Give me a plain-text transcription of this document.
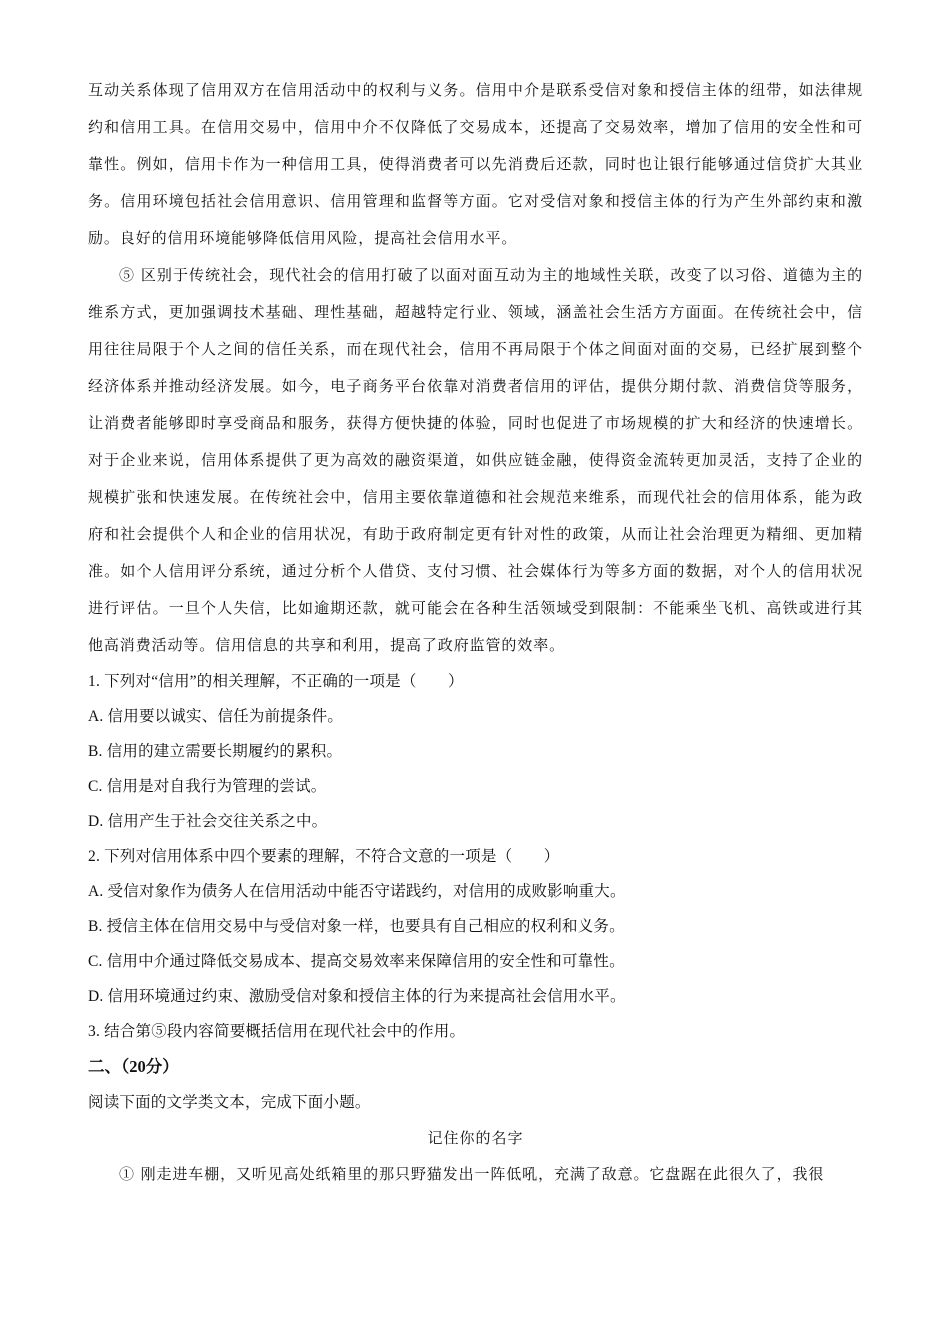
互动关系体现了信用双方在信用活动中的权利与义务。信用中介是联系受信对象和授信主体的纽带，如法律规约和信用工具。在信用交易中，信用中介不仅降低了交易成本，还提高了交易效率，增加了信用的安全性和可靠性。例如，信用卡作为一种信用工具，使得消费者可以先消费后还款，同时也让银行能够通过信贷扩大其业务。信用环境包括社会信用意识、信用管理和监督等方面。它对受信对象和授信主体的行为产生外部约束和激励。良好的信用环境能够降低信用风险，提高社会信用水平。

⑤ 区别于传统社会，现代社会的信用打破了以面对面互动为主的地域性关联，改变了以习俗、道德为主的维系方式，更加强调技术基础、理性基础，超越特定行业、领域，涵盖社会生活方方面面。在传统社会中，信用往往局限于个人之间的信任关系，而在现代社会，信用不再局限于个体之间面对面的交易，已经扩展到整个经济体系并推动经济发展。如今，电子商务平台依靠对消费者信用的评估，提供分期付款、消费信贷等服务，让消费者能够即时享受商品和服务，获得方便快捷的体验，同时也促进了市场规模的扩大和经济的快速增长。对于企业来说，信用体系提供了更为高效的融资渠道，如供应链金融，使得资金流转更加灵活，支持了企业的规模扩张和快速发展。在传统社会中，信用主要依靠道德和社会规范来维系，而现代社会的信用体系，能为政府和社会提供个人和企业的信用状况，有助于政府制定更有针对性的政策，从而让社会治理更为精细、更加精准。如个人信用评分系统，通过分析个人借贷、支付习惯、社会媒体行为等多方面的数据，对个人的信用状况进行评估。一旦个人失信，比如逾期还款，就可能会在各种生活领域受到限制：不能乘坐飞机、高铁或进行其他高消费活动等。信用信息的共享和利用，提高了政府监管的效率。

1. 下列对“信用”的相关理解，不正确的一项是（　　）

A. 信用要以诚实、信任为前提条件。

B. 信用的建立需要长期履约的累积。

C. 信用是对自我行为管理的尝试。

D. 信用产生于社会交往关系之中。

2. 下列对信用体系中四个要素的理解，不符合文意的一项是（　　）

A. 受信对象作为债务人在信用活动中能否守诺践约，对信用的成败影响重大。

B. 授信主体在信用交易中与受信对象一样，也要具有自己相应的权利和义务。

C. 信用中介通过降低交易成本、提高交易效率来保障信用的安全性和可靠性。

D. 信用环境通过约束、激励受信对象和授信主体的行为来提高社会信用水平。

3. 结合第⑤段内容简要概括信用在现代社会中的作用。

二、（20分）

阅读下面的文学类文本，完成下面小题。

记住你的名字

① 刚走进车棚，又听见高处纸箱里的那只野猫发出一阵低吼，充满了敌意。它盘踞在此很久了，我很
